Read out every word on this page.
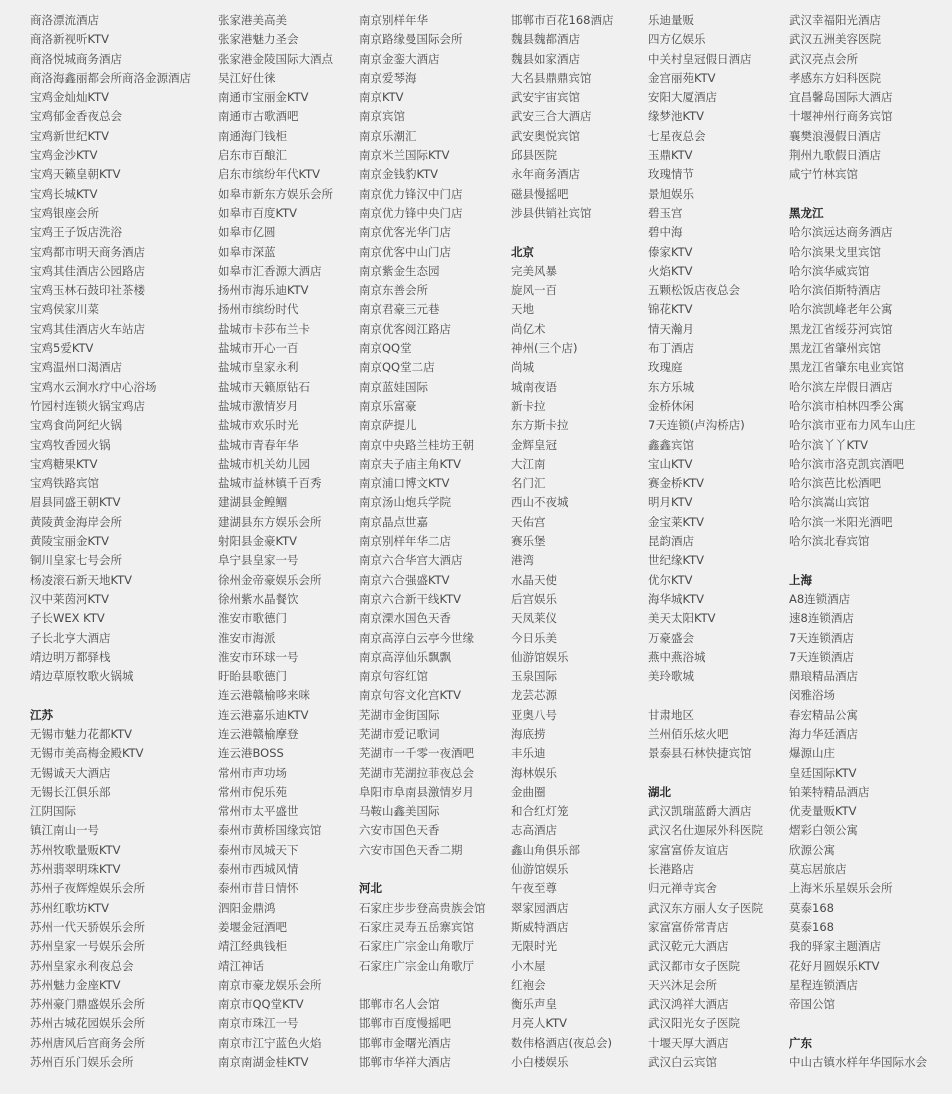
商洛漂流酒店
商洛新视听KTV
商洛悦城商务酒店
商洛海鑫丽都会所商洛金源酒店
宝鸡金灿灿KTV
宝鸡郁金香夜总会
宝鸡新世纪KTV
宝鸡金沙KTV
宝鸡天籁皇朝KTV
宝鸡长城KTV
宝鸡银座会所
宝鸡王子饭店洗浴
宝鸡都市明天商务酒店
宝鸡其佳酒店公园路店
宝鸡玉林石鼓印社茶楼
宝鸡侯家川菜
宝鸡其佳酒店火车站店
宝鸡5爱KTV
宝鸡温州口渴酒店
宝鸡水云涧水疗中心浴场
竹园村连锁火锅宝鸡店
宝鸡食尚阿纪火锅
宝鸡牧香园火锅
宝鸡糖果KTV
宝鸡铁路宾馆
眉县同盛王朝KTV
黄陵黄金海岸会所
黄陵宝丽金KTV
铜川皇家七号会所
杨凌滚石新天地KTV
汉中莱茵河KTV
子长WEX KTV
子长北亨大酒店
靖边明万都驿栈
靖边草原牧歌火锅城
江苏
无锡市魅力花都KTV
无锡市美高梅金殿KTV
无锡诚天大酒店
无锡长江俱乐部
江阴国际
镇江南山一号
苏州牧歌量贩KTV
苏州翡翠明珠KTV
苏州子夜辉煌娱乐会所
苏州红歌坊KTV
苏州一代天骄娱乐会所
苏州皇家一号娱乐会所
苏州皇家永利夜总会
苏州魅力金座KTV
苏州豪门鼎盛娱乐会所
苏州古城花园娱乐会所
苏州唐风后宫商务会所
苏州百乐门娱乐会所
张家港美高美
张家港魅力圣会
张家港金陵国际大酒点
吴江好仕徕
南通市宝丽金KTV
南通市古歌酒吧
南通海门钱柜
启东市百酿汇
启东市缤纷年代KTV
如皋市新东方娱乐会所
如皋市百度KTV
如皋市亿圆
如皋市深蓝
如皋市汇香源大酒店
扬州市海乐迪KTV
扬州市缤纷时代
盐城市卡莎布兰卡
盐城市开心一百
盐城市皇家永利
盐城市天籁原钻石
盐城市激情岁月
盐城市欢乐时光
盐城市青春年华
盐城市机关幼儿园
盐城市益林镇千百秀
建湖县金鳇鲴
建湖县东方娱乐会所
射阳县金豪KTV
阜宁县皇家一号
徐州金帝豪娱乐会所
徐州紫水晶餐饮
淮安市歌德门
淮安市海派
淮安市环球一号
盱眙县歌德门
连云港赣榆哆来咪
连云港嘉乐迪KTV
连云港赣榆摩登
连云港BOSS
常州市声功场
常州市倪乐苑
常州市太平盛世
泰州市黄桥国缘宾馆
泰州市凤城天下
泰州市西城风情
泰州市昔日情怀
泗阳金鼎鸿
姜堰金冠酒吧
靖江经典钱柜
靖江神话
南京市豪龙娱乐会所
南京市QQ堂KTV
南京市珠江一号
南京市江宁蓝色火焰
南京南湖金桂KTV
南京别样年华
南京路缘曼国际会所
南京金銮大酒店
南京爱琴海
南京KTV
南京宾馆
南京乐潮汇
南京米兰国际KTV
南京金钱豹KTV
南京优力锋汉中门店
南京优力锋中央门店
南京优客光华门店
南京优客中山门店
南京紫金生态园
南京东善会所
南京君豪三元巷
南京优客阅江路店
南京QQ堂
南京QQ堂二店
南京蓝娃国际
南京乐富豪
南京萨提儿
南京中央路兰桂坊王朝
南京夫子庙主角KTV
南京浦口博文KTV
南京汤山炮兵学院
南京晶点世嘉
南京别样年华二店
南京六合华宫大酒店
南京六合强盛KTV
南京六合新干线KTV
南京溧水国色天香
南京高淳白云亭今世缘
南京高淳仙乐飘飘
南京句容红馆
南京句容文化宫KTV
芜湖市金街国际
芜湖市爱记歌词
芜湖市一千零一夜酒吧
芜湖市芜湖拉菲夜总会
阜阳市阜南县激情岁月
马鞍山鑫美国际
六安市国色天香
六安市国色天香二期
河北
石家庄步步登高贵族会馆
石家庄灵寿五岳寨宾馆
石家庄广宗金山角歌厅
石家庄广宗金山角歌厅
邯郸市名人会馆
邯郸市百度慢摇吧
邯郸市金曙光酒店
邯郸市华祥大酒店
邯郸市百花168酒店
魏县魏都酒店
魏县如家酒店
大名县鼎鼎宾馆
武安宇宙宾馆
武安三合大酒店
武安奥悦宾馆
邱县医院
永年商务酒店
磁县慢摇吧
涉县供销社宾馆
北京
完美风暴
旋风一百
天地
尚亿术
神州(三个店)
尚城
城南夜语
新卡拉
东方斯卡拉
金辉皇冠
大江南
名门汇
西山不夜城
天佑宫
赛乐堡
港湾
水晶天使
后宫娱乐
天凤莱仪
今日乐美
仙游馆娱乐
玉泉国际
龙芸芯源
亚奥八号
海底捞
丰乐迪
海林娱乐
金曲圈
和合红灯笼
志高酒店
鑫山角俱乐部
仙游馆娱乐
午夜至尊
翠家园酒店
斯威特酒店
无限时光
小木屋
红袍会
衡乐声皇
月亮人KTV
数伟格酒店(夜总会)
小白楼娱乐
乐迪量贩
四方亿娱乐
中关村皇冠假日酒店
金宫丽苑KTV
安阳大厦酒店
缘梦池KTV
七星夜总会
玉鼎KTV
玫瑰情节
景旭娱乐
碧玉宫
碧中海
傣家KTV
火焰KTV
五颗松饭店夜总会
锦花KTV
情天瀚月
布丁酒店
玫瑰庭
东方乐城
金桥休闲
7天连锁(卢沟桥店)
鑫鑫宾馆
宝山KTV
赛金桥KTV
明月KTV
金宝莱KTV
昆韵酒店
世纪缘KTV
优尔KTV
海华城KTV
美天太阳KTV
万豪盛会
燕中燕浴城
美玲歌城
甘肃地区
兰州佰乐炫火吧
景泰县石林快捷宾馆
湖北
武汉凯瑞蓝爵大酒店
武汉名仕迦尿外科医院
家富富侨友谊店
长港路店
归元禅寺宾舍
武汉东方丽人女子医院
家富富侨常青店
武汉乾元大酒店
武汉都市女子医院
天兴沐足会所
武汉鸿祥大酒店
武汉阳光女子医院
十堰天厚大酒店
武汉白云宾馆
武汉幸福阳光酒店
武汉五洲美容医院
武汉亮点会所
孝感东方妇科医院
宜昌馨岛国际大酒店
十堰神州行商务宾馆
襄樊浪漫假日酒店
荆州九歌假日酒店
咸宁竹林宾馆
黑龙江
哈尔滨远达商务酒店
哈尔滨果戈里宾馆
哈尔滨华威宾馆
哈尔滨佰斯特酒店
哈尔滨凯峰老年公寓
黑龙江省绥芬河宾馆
黑龙江省肇州宾馆
黑龙江省肇东电业宾馆
哈尔滨左岸假日酒店
哈尔滨市柏林四季公寓
哈尔滨市亚布力风车山庄
哈尔滨丫丫KTV
哈尔滨市洛克凯宾酒吧
哈尔滨芭比松酒吧
哈尔滨嵩山宾馆
哈尔滨一米阳光酒吧
哈尔滨北春宾馆
上海
A8连锁酒店
速8连锁酒店
7天连锁酒店
7天连锁酒店
鼎琅精品酒店
闵雅浴场
春宏精品公寓
海力华廷酒店
爆源山庄
皇廷国际KTV
铂莱特精品酒店
优麦量贩KTV
熠彩白领公寓
欣源公寓
莫忘居旅店
上海米乐星娱乐会所
莫泰168
莫泰168
我的驿家主题酒店
花好月圆娱乐KTV
星程连锁酒店
帝国公馆
广东
中山古镇水样年华国际水会
